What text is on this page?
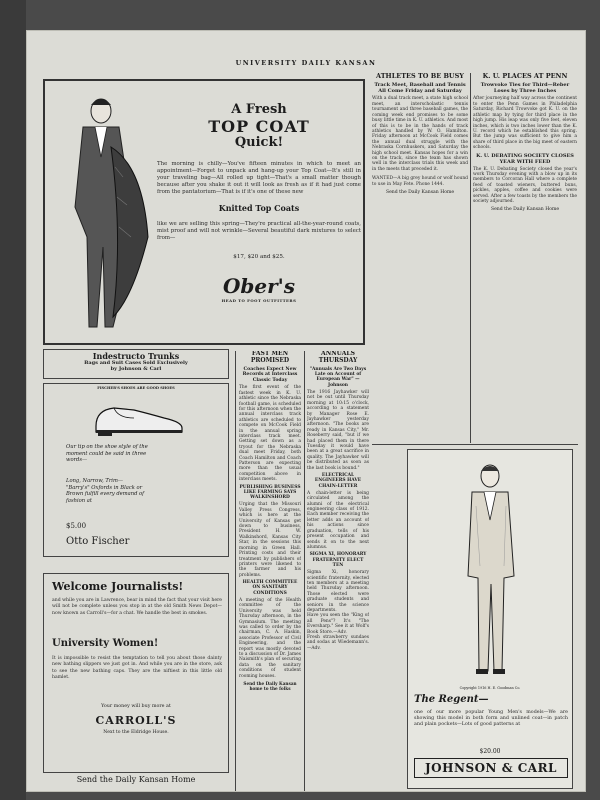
UNIVERSITY DAILY KANSAN
A Fresh
TOP COAT
Quick!
The morning is chilly—You've fifteen minutes in which to meet an appointment—Forget to unpack and hang-up your Top Coat—It's still in your traveling bag—All rolled up tight—That's a small matter though because after you shake it out it will look as fresh as if it had just come from the pantatorium—That is if it's one of these new
Knitted Top Coats
like we are selling this spring—They're practical all-the-year-round coats, mist proof and will not wrinkle—Several beautiful dark mixtures to select from—
$17, $20 and $25.
Ober's
HEAD TO FOOT OUTFITTERS
ATHLETES TO BE BUSY
Track Meet, Baseball and Tennis All Come Friday and Saturday
With a dual track meet, a state high school meet, an interscholastic tennis tournament and three baseball games, the coming week end promises to be some busy little time in K. U. athletics. And most of this is to be in the hands of track athletics handled by W. O. Hamilton. Friday afternoon at McCook Field comes the annual dual struggle with the Nebraska Cornhuskers, and Saturday the high school meet. Kansas hopes for a win on the track, since the team has shown well in the interclass trials this week and in the meets that preceded it.
WANTED—A big grey hound or wolf hound to use in May Fete. Phone 1444.
Send the Daily Kansan Home
K. U. PLACES AT PENN
Trowvoke Ties for Third—Reber Loses by Three Inches
After journeying half way across the continent to enter the Penn Games in Philadelphia Saturday, Richard Trowvoke got K. U. on the athletic map by tying for third place in the high jump. His leap was only five feet, eleven inches, which is two inches lower than the K. U. record which he established this spring. But the jump was sufficient to give him a share of third place in the big meet of eastern schools.
K. U. DEBATING SOCIETY CLOSES YEAR WITH FEED
The K. U. Debating Society closed the year's work Thursday evening with a blow up in its members to Corcoran Hall where a complete feed of toasted wieners, buttered buns, pickles, apples, coffee and cookies were served. After a few toasts by the members the society adjourned.
Send the Daily Kansan Home
Copyright 1916 H. E. Goodman Co.
The Regent—
one of our more popular Young Men's models—We are showing this model in both form and unlined coat—in patch and plain pockets—Lots of good patterns at
$20.00
JOHNSON & CARL
Indestructo Trunks
Bags and Suit Cases Sold Exclusively
by Johnson & Carl
FISCHER'S SHOES ARE GOOD SHOES
Our tip on the shoe style of the moment could be said in three words—
Long, Narrow, Trim—
"Barry's" Oxfords in Black or Brown fulfill every demand of fashion at
$5.00
Otto Fischer
Welcome Journalists!
and while you are in Lawrence, bear in mind the fact that your visit here will not be complete unless you stop in at the old Smith News Depot—now known as Carroll's—for a chat. We handle the best in smokes.
University Women!
It is impossible to resist the temptation to tell you about those dainty new bathing slippers we just got in. And while you are in the store, ask to see the new bathing caps. They are the niftiest in this little old hamlet.
Your money will buy more at
CARROLL'S
Next to the Eldridge House.
Send the Daily Kansan Home
FAST MEN PROMISED
Coaches Expect New Records at Interclass Classic Today
The first event of the fastest week in K. U. athletic since the Nebraska football game, is scheduled for this afternoon when the annual interclass track athletics are scheduled to compete on McCook Field in the annual spring interclass track meet. Getting set down as a tryout for the Nebraska dual meet Friday, both Coach Hamilton and Coach Patterson are expecting more than the usual competition above in interclass meets.
PUBLISHING BUSINESS LIKE FARMING SAYS WALKINSHORD
Urging that the Missouri Valley Press Congress, which is here at the University of Kansas get down to business, President H. W. Walkinshord, Kansas City Star, in the sessions this morning in Green Hall. Printing costs and their treatment by publishers of printers were likened to the farmer and his problems.
HEALTH COMMITTEE ON SANITARY CONDITIONS
A meeting of the Health committee of the University was held Thursday afternoon, in the Gymnasium. The meeting was called to order by the chairman, C. A. Haskin, associate Professor of Civil Engineering, and the report was mostly devoted to a discussion of Dr. James Naismith's plan of securing data on the sanitary conditions of student rooming houses.
Send the Daily Kansan home to the folks
ANNUALS THURSDAY
"Annuals Are Two Days Late on Account of European War" —Johnson
The 1916 Jayhawker will not be out until Thursday morning at 10:15 o'clock, according to a statement by Manager Rose E. Jayhawker yesterday afternoon. "The books are ready in Kansas City," Mr. Roseberry said, "but if we had placed them in there Tuesday it would have been at a great sacrifice in quality. The Jayhawker will be distributed as soon as the last book is bound."
ELECTRICAL ENGINEERS HAVE CHAIN-LETTER
A chain-letter is being circulated among the alumni of the electrical engineering class of 1912. Each member receiving the letter adds an account of his actions since graduation, tells of his present occupation and sends it on to the next alumnus.
SIGMA XI, HONORARY FRATERNITY ELECT TEN
Sigma Xi, honorary scientific fraternity, elected ten members at a meeting held Thursday afternoon. Those elected were graduate students and seniors in the science departments.
Have you seen the "King of all Pens"? It's "The Eversharp." See it at Wolf's Book Store.—Adv.
Fresh strawberry sundaes and sodas at Wiedemann's.—Adv.
